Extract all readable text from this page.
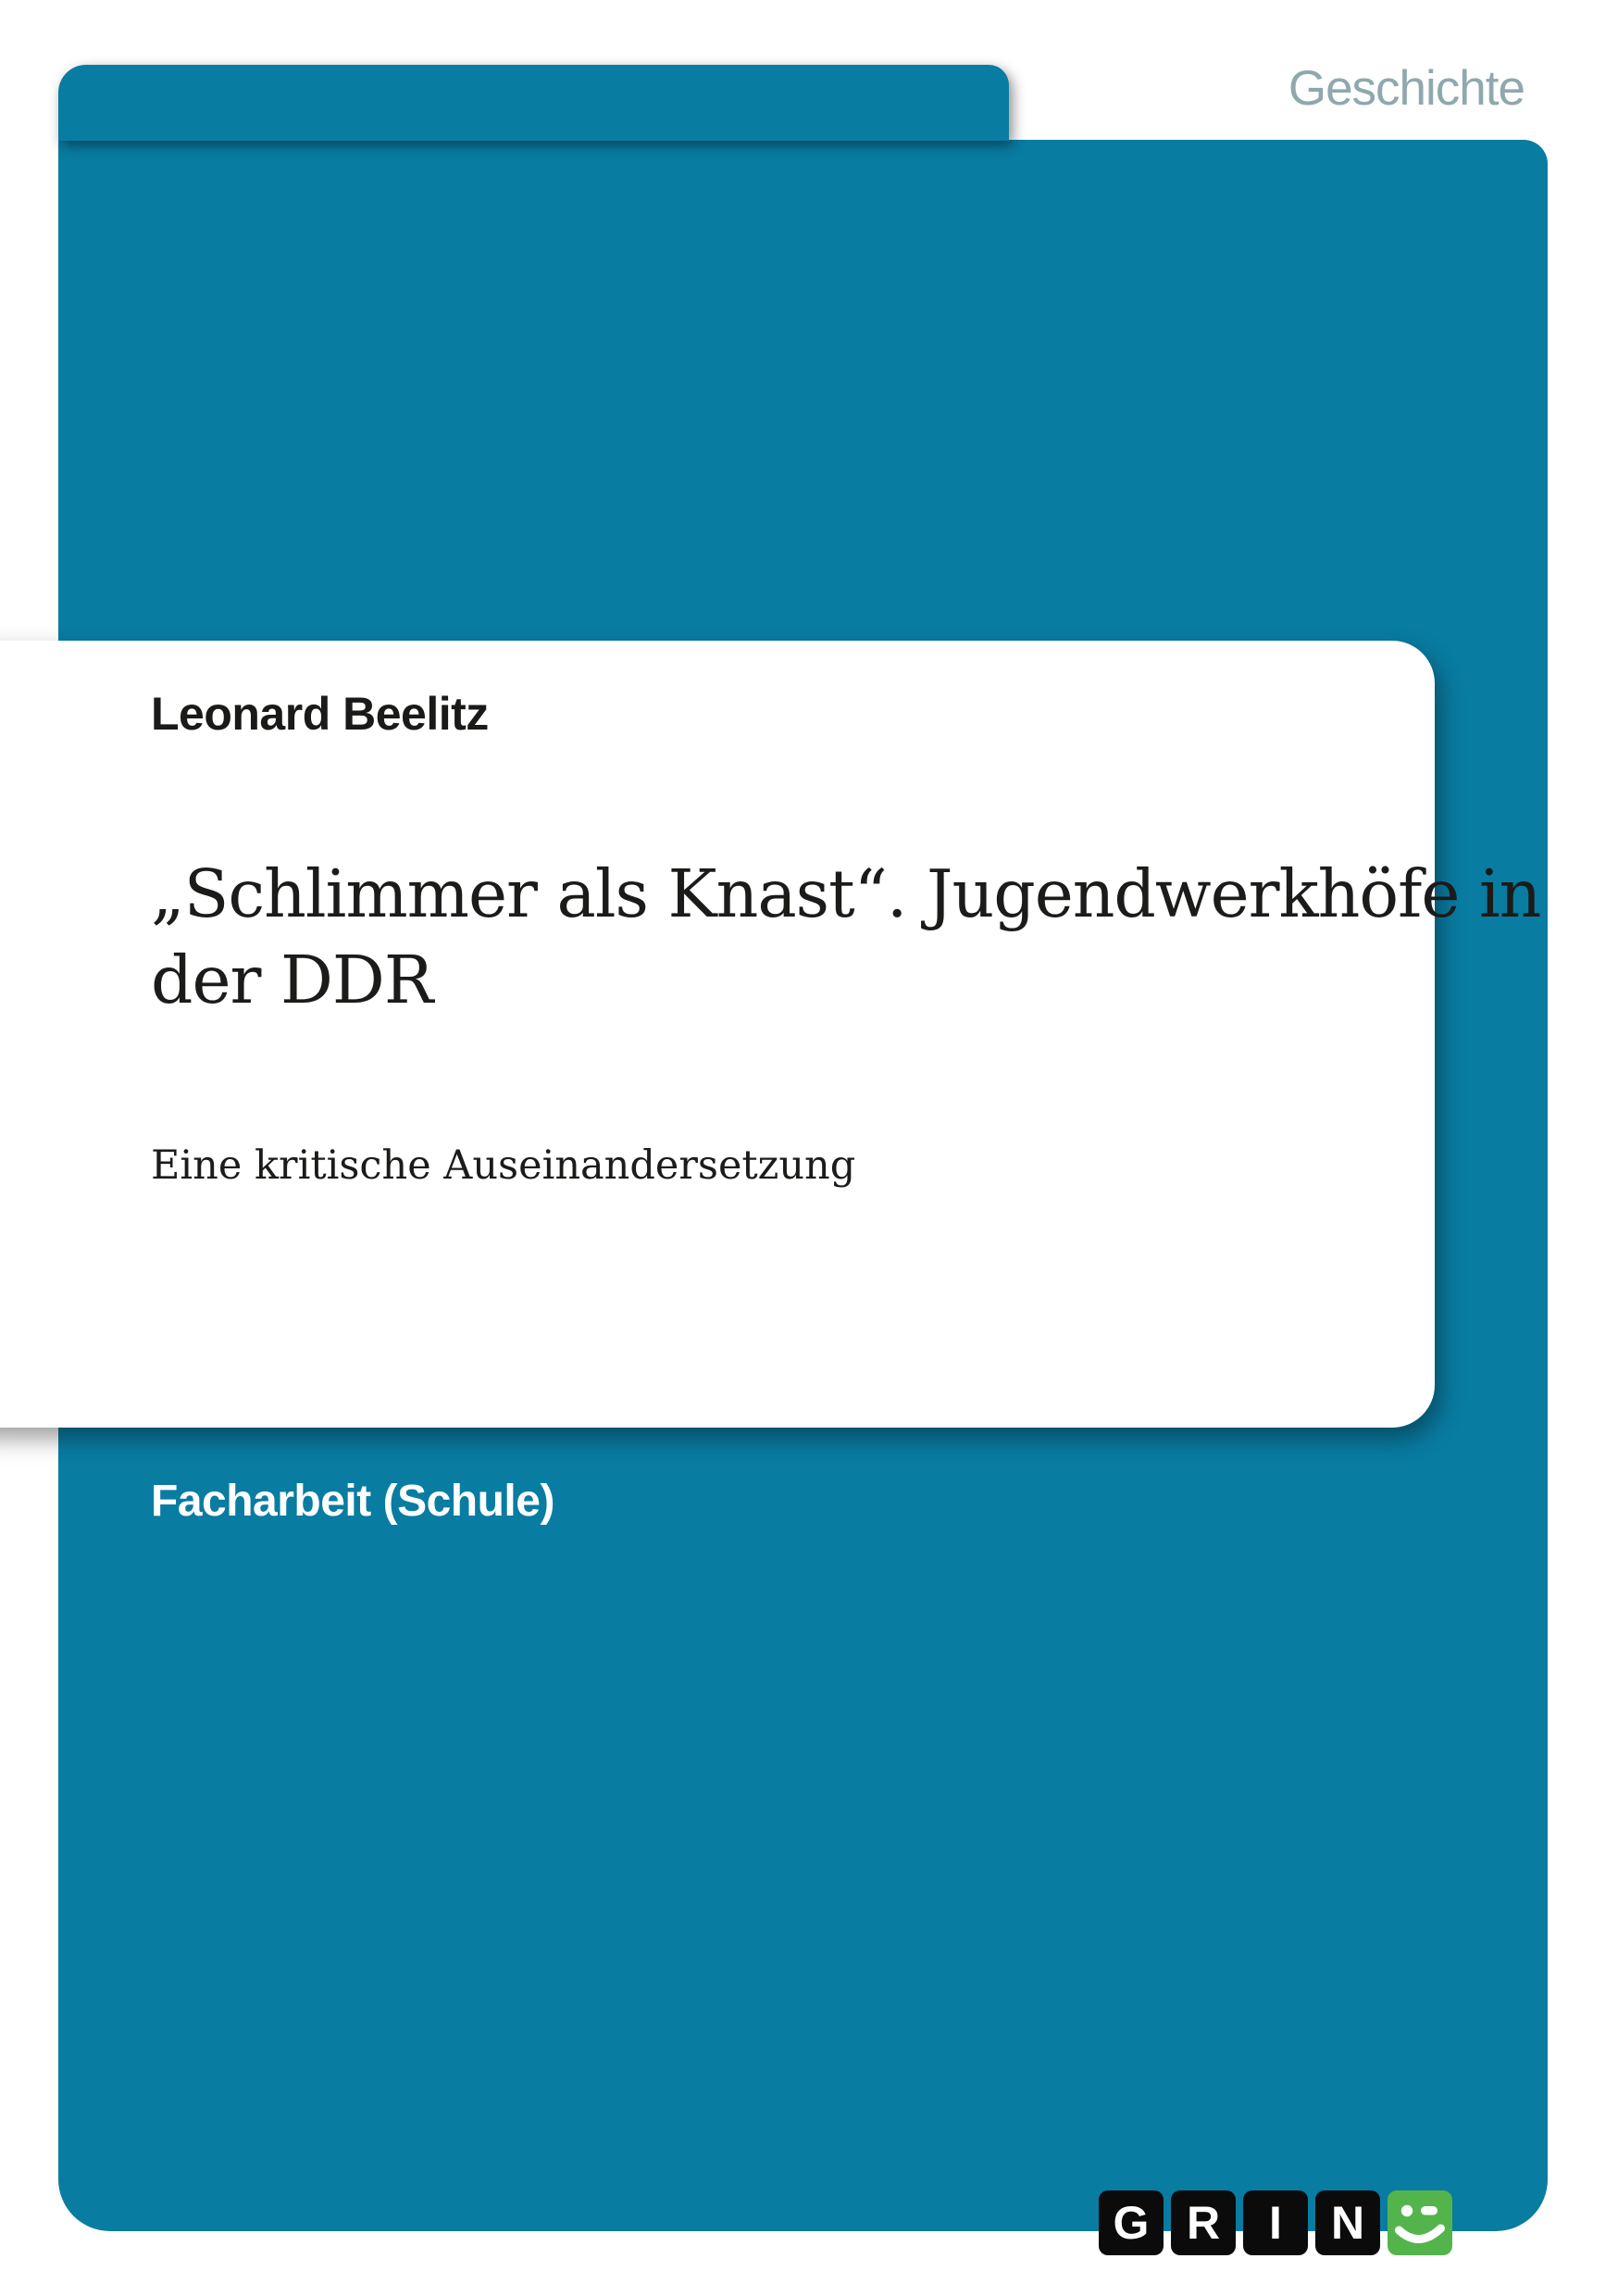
Geschichte
Leonard Beelitz
„Schlimmer als Knast“. Jugendwerkhöfe in
der DDR
Eine kritische Auseinandersetzung
Facharbeit (Schule)
G R	I	N
